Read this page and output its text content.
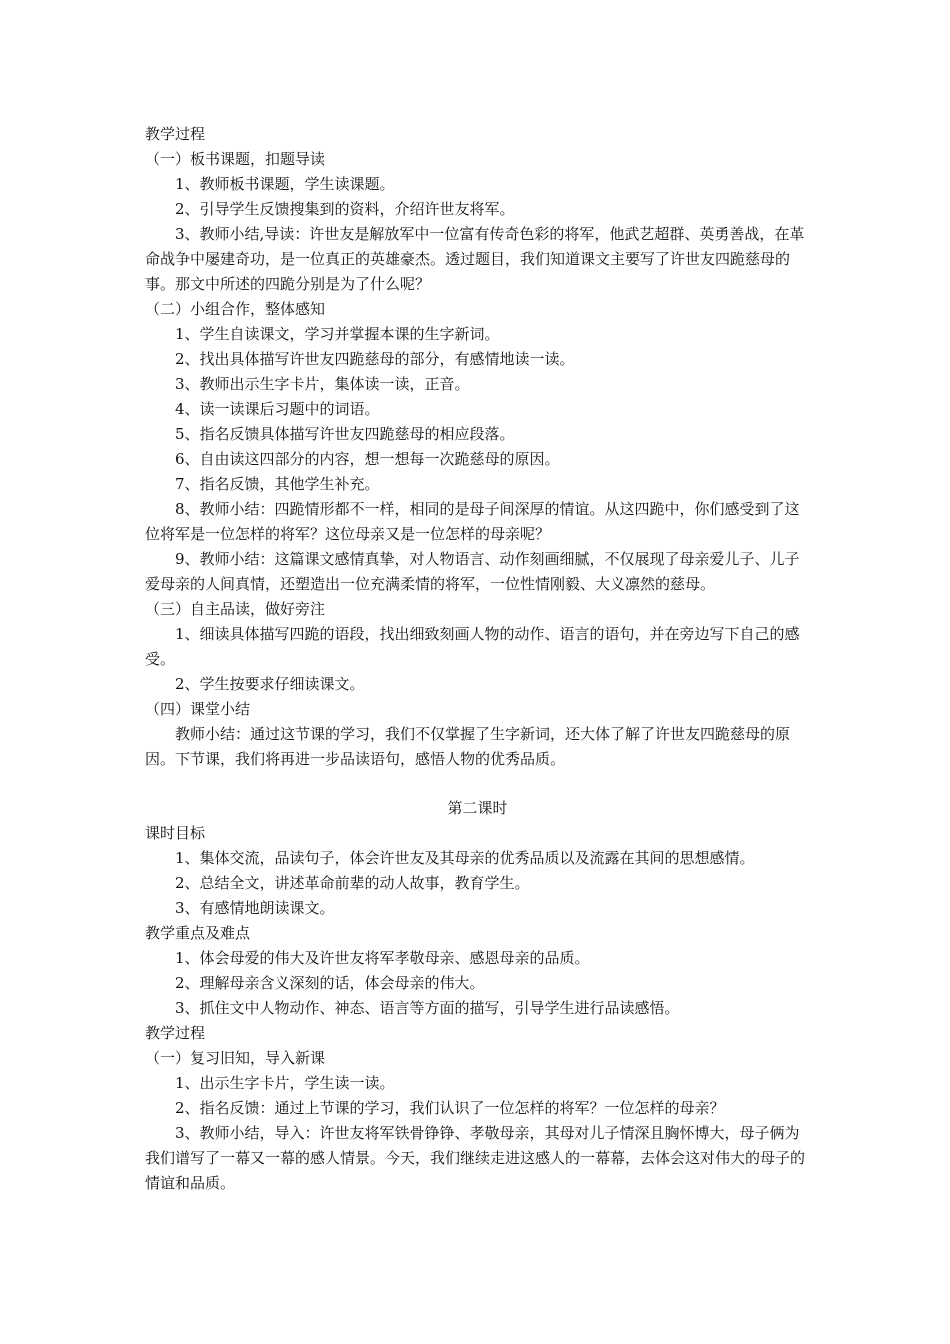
教学过程

（一）板书课题，扣题导读

1、教师板书课题，学生读课题。

2、引导学生反馈搜集到的资料，介绍许世友将军。

3、教师小结,导读：许世友是解放军中一位富有传奇色彩的将军，他武艺超群、英勇善战，在革命战争中屡建奇功，是一位真正的英雄豪杰。透过题目，我们知道课文主要写了许世友四跪慈母的事。那文中所述的四跪分别是为了什么呢？

（二）小组合作，整体感知

1、学生自读课文，学习并掌握本课的生字新词。

2、找出具体描写许世友四跪慈母的部分，有感情地读一读。

3、教师出示生字卡片，集体读一读，正音。

4、读一读课后习题中的词语。

5、指名反馈具体描写许世友四跪慈母的相应段落。

6、自由读这四部分的内容，想一想每一次跪慈母的原因。

7、指名反馈，其他学生补充。

8、教师小结：四跪情形都不一样，相同的是母子间深厚的情谊。从这四跪中，你们感受到了这位将军是一位怎样的将军？这位母亲又是一位怎样的母亲呢？

9、教师小结：这篇课文感情真挚，对人物语言、动作刻画细腻，不仅展现了母亲爱儿子、儿子爱母亲的人间真情，还塑造出一位充满柔情的将军，一位性情刚毅、大义凛然的慈母。

（三）自主品读，做好旁注

1、细读具体描写四跪的语段，找出细致刻画人物的动作、语言的语句，并在旁边写下自己的感受。

2、学生按要求仔细读课文。

（四）课堂小结

教师小结：通过这节课的学习，我们不仅掌握了生字新词，还大体了解了许世友四跪慈母的原因。下节课，我们将再进一步品读语句，感悟人物的优秀品质。

第二课时

课时目标

1、集体交流，品读句子，体会许世友及其母亲的优秀品质以及流露在其间的思想感情。

2、总结全文，讲述革命前辈的动人故事，教育学生。

3、有感情地朗读课文。

教学重点及难点

1、体会母爱的伟大及许世友将军孝敬母亲、感恩母亲的品质。

2、理解母亲含义深刻的话，体会母亲的伟大。

3、抓住文中人物动作、神态、语言等方面的描写，引导学生进行品读感悟。

教学过程

（一）复习旧知，导入新课

1、出示生字卡片，学生读一读。

2、指名反馈：通过上节课的学习，我们认识了一位怎样的将军？一位怎样的母亲？

3、教师小结，导入：许世友将军铁骨铮铮、孝敬母亲，其母对儿子情深且胸怀博大，母子俩为我们谱写了一幕又一幕的感人情景。今天，我们继续走进这感人的一幕幕，去体会这对伟大的母子的情谊和品质。
